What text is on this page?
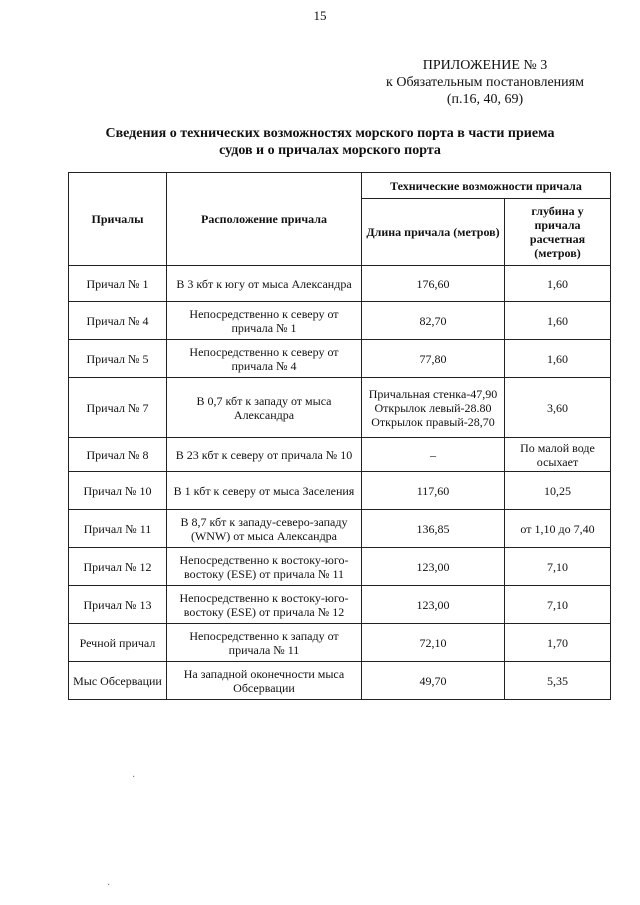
15
ПРИЛОЖЕНИЕ № 3
к Обязательным постановлениям
(п.16, 40, 69)
Сведения о технических возможностях морского порта в части приема
судов и о причалах морского порта
Причалы	Расположение причала	Технические возможности причала	
		Длина причала (метров)	глубина у причала расчетная (метров)
Причал № 1	В 3 кбт к югу от мыса Александра	176,60	1,60
Причал № 4	Непосредственно к северу от причала № 1	82,70	1,60
Причал № 5	Непосредственно к северу от причала № 4	77,80	1,60
Причал № 7	В 0,7 кбт к западу от мыса Александра	Причальная стенка-47,90 Открылок левый-28.80 Открылок правый-28,70	3,60
Причал № 8	В 23 кбт к северу от причала № 10	–	По малой воде осыхает
Причал № 10	В 1 кбт к северу от мыса Заселения	117,60	10,25
Причал № 11	В 8,7 кбт к западу-северо-западу (WNW) от мыса Александра	136,85	от 1,10 до 7,40
Причал № 12	Непосредственно к востоку-юго-востоку (ESE) от причала № 11	123,00	7,10
Причал № 13	Непосредственно к востоку-юго-востоку (ESE) от причала № 12	123,00	7,10
Речной причал	Непосредственно к западу от причала № 11	72,10	1,70
Мыс Обсервации	На западной оконечности мыса Обсервации	49,70	5,35
·
·
